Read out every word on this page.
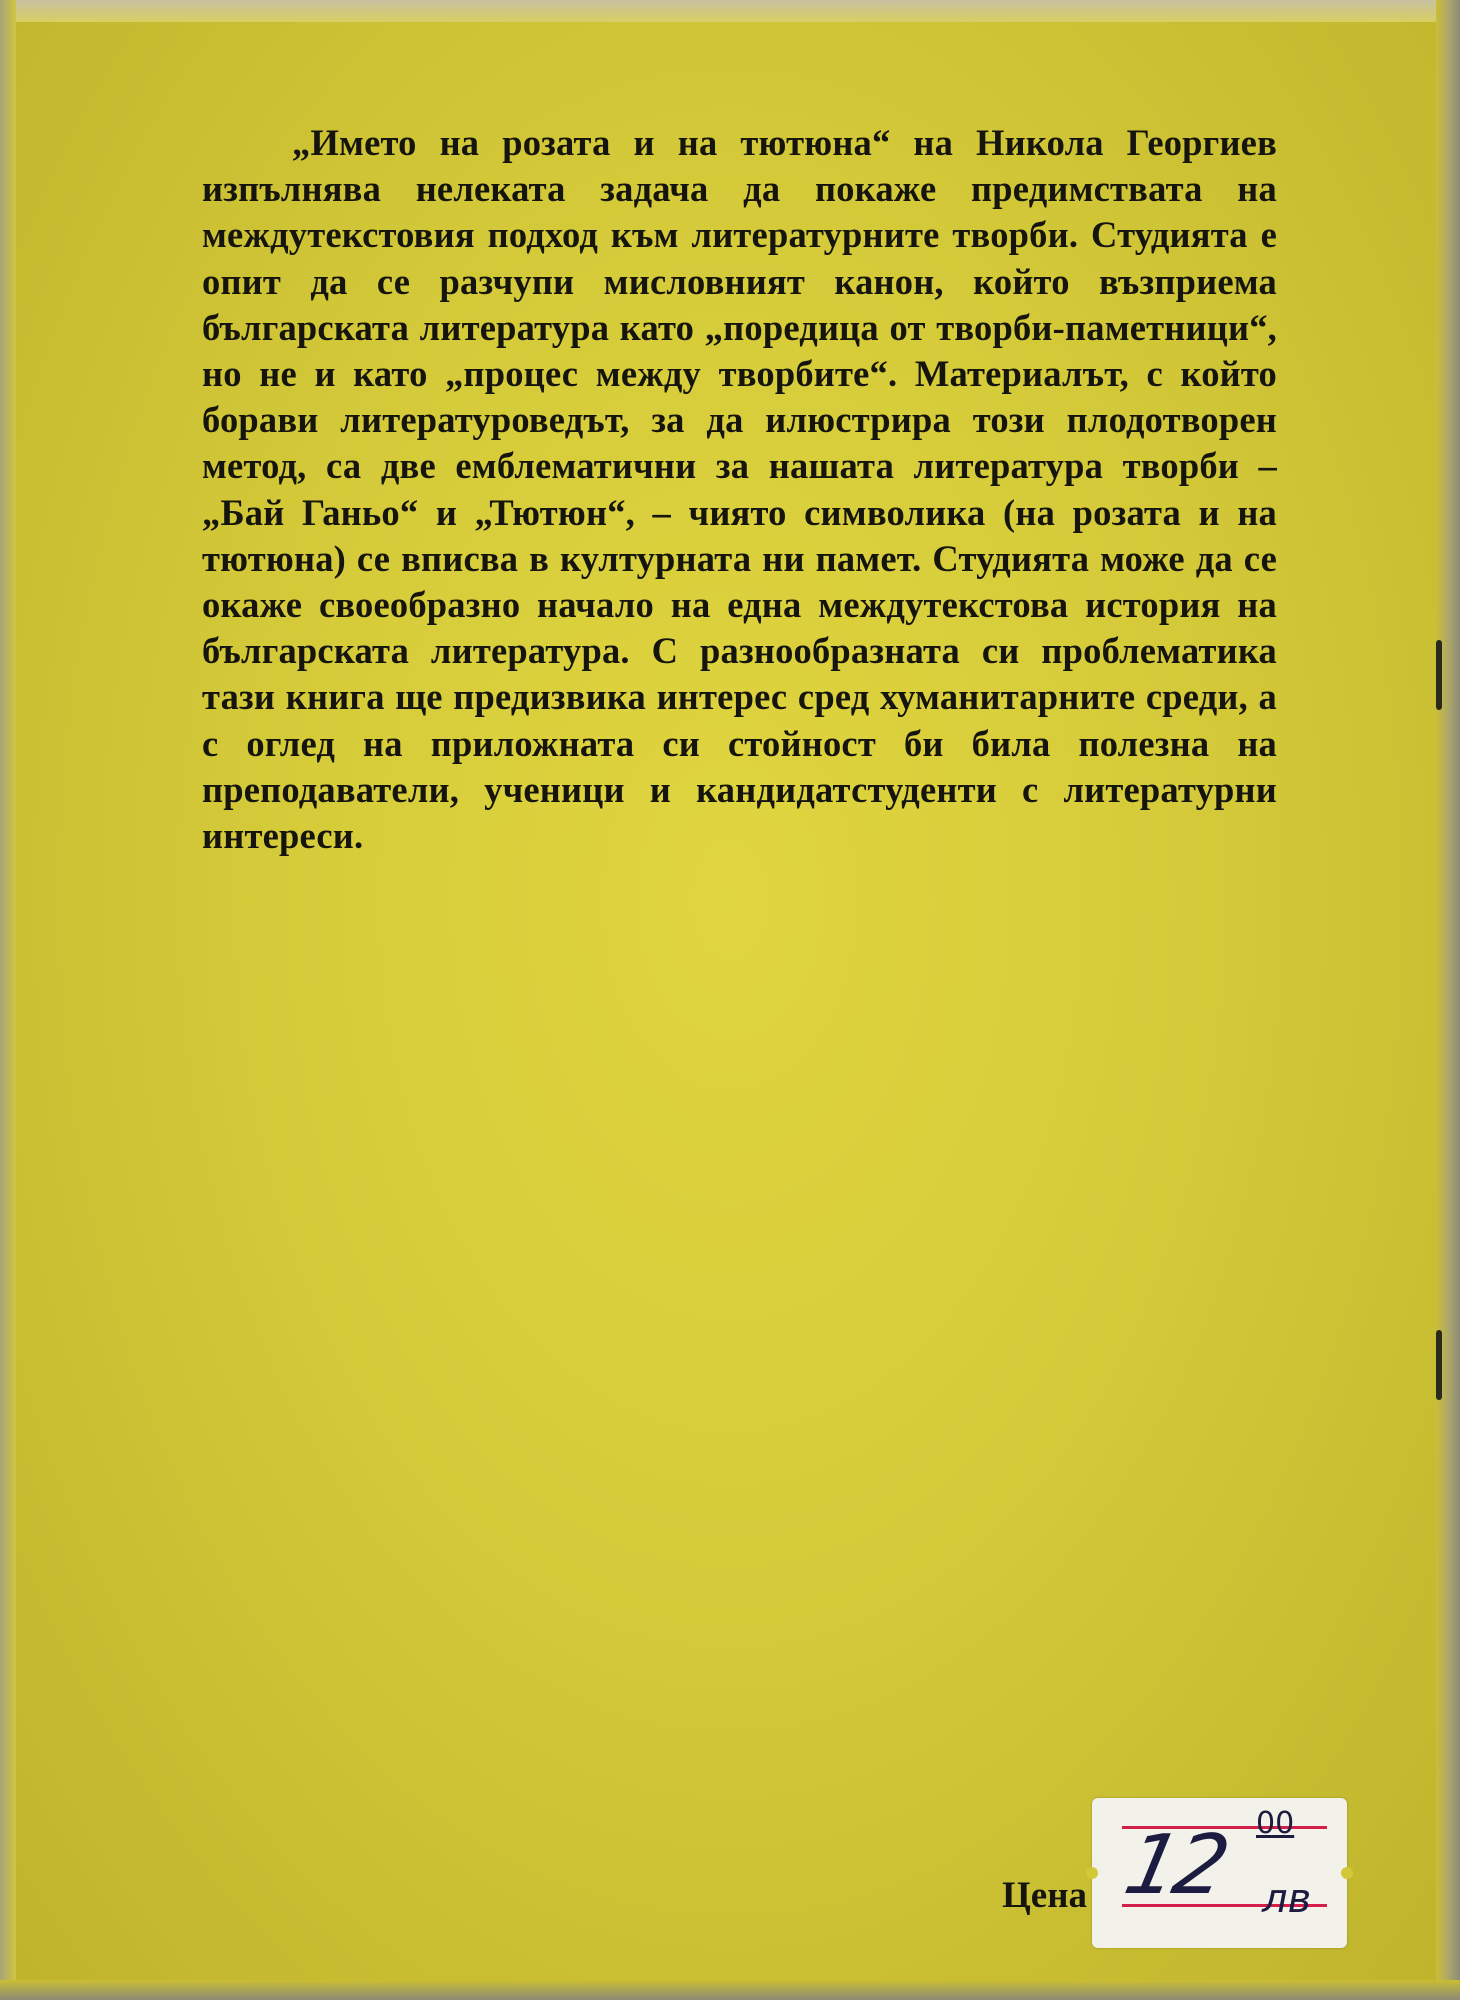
„Името на розата и на тютюна“ на Никола Георгиев изпълнява нелеката задача да покаже предимствата на междутекстовия подход към литературните творби. Студията е опит да се разчупи мисловният канон, който възприема българската литература като „поредица от творби-паметници“, но не и като „процес между творбите“. Материалът, с който борави литературоведът, за да илюстрира този плодотворен метод, са две емблематични за нашата литература творби – „Бай Ганьо“ и „Тютюн“, – чиято символика (на розата и на тютюна) се вписва в културната ни памет. Студията може да се окаже своеобразно начало на една междутекстова история на българската литература. С разнообразната си проблематика тази книга ще предизвика интерес сред хуманитарните среди, а с оглед на приложната си стойност би била полезна на преподаватели, ученици и кандидатстуденти с литературни интереси.

Цена 12 00
лв
